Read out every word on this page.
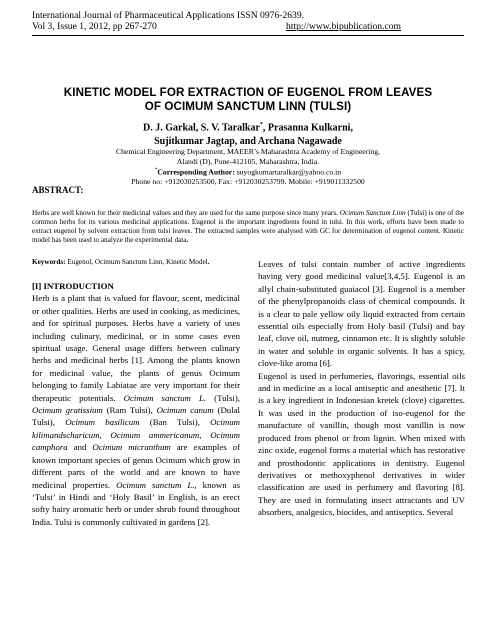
International Journal of Pharmaceutical Applications ISSN 0976-2639.
Vol 3, Issue 1, 2012, pp 267-270	http://www.bipublication.com
KINETIC MODEL FOR EXTRACTION OF EUGENOL FROM LEAVES
OF OCIMUM SANCTUM LINN (TULSI)
D. J. Garkal, S. V. Taralkar*, Prasanna Kulkarni,
Sujitkumar Jagtap, and Archana Nagawade
Chemical Engineering Department, MAEER’s Maharashtra Academy of Engineering,
Alandi (D), Pune-412105, Maharashtra, India.
*Corresponding Author: suyogkumartaralkar@yahoo.co.in
Phone no: +912030253500, Fax: +912030253799. Mobile: +919011332500
ABSTRACT:
Herbs are well known for their medicinal values and they are used for the same purpose since many years. Ocimum Sanctum Linn (Tulsi) is one of the common herbs for its various medicinal applications. Eugenol is the important ingredients found in tulsi. In this work, efforts have been made to extract eugenol by solvent extraction from tulsi leaves. The extracted samples were analysed with GC for determination of eugenol content. Kinetic model has been used to analyze the experimental data.
Keywords: Eugenol, Ocimum Sanctum Linn, Kinetic Model.
[I] INTRODUCTION

Herb is a plant that is valued for flavour, scent, medicinal or other qualities. Herbs are used in cooking, as medicines, and for spiritual purposes. Herbs have a variety of uses including culinary, medicinal, or in some cases even spiritual usage. General usage differs between culinary herbs and medicinal herbs [1]. Among the plants known for medicinal value, the plants of genus Ocimum belonging to family Labiatae are very important for their therapeutic potentials. Ocimum sanctum L. (Tulsi), Ocimum gratissium (Ram Tulsi), Ocimum canum (Dulal Tulsi), Ocimum basilicum (Ban Tulsi), Ocimum kilimandscharicum, Ocimum ammericanum, Ocimum camphora and Ocimum micranthum are examples of known important species of genus Ocimum which grow in different parts of the world and are known to have medicinal properties. Ocimum sanctum L., known as ‘Tulsi’ in Hindi and ‘Holy Basil’ in English, is an erect softy hairy aromatic herb or under shrub found throughout India. Tulsi is commonly cultivated in gardens [2].

Leaves of tulsi contain number of active ingredients having very good medicinal value[3,4,5]. Eugenol is an allyl chain-substituted guaiacol [3]. Eugenol is a member of the phenylpropanoids class of chemical compounds. It is a clear to pale yellow oily liquid extracted from certain essential oils especially from Holy basil (Tulsi) and bay leaf, clove oil, nutmeg, cinnamon etc. It is slightly soluble in water and soluble in organic solvents. It has a spicy, clove-like aroma [6].

Eugenol is used in perfumeries, flavorings, essential oils and in medicine as a local antiseptic and anesthetic [7]. It is a key ingredient in Indonesian kretek (clove) cigarettes. It was used in the production of iso-eugenol for the manufacture of vanillin, though most vanillin is now produced from phenol or from lignin. When mixed with zinc oxide, eugenol forms a material which has restorative and prosthodontic applications in dentistry. Eugenol derivatives or methoxyphenol derivatives in wider classification are used in perfumery and flavoring [8]. They are used in formulating insect attractants and UV absorbers, analgesics, biocides, and antiseptics. Several
